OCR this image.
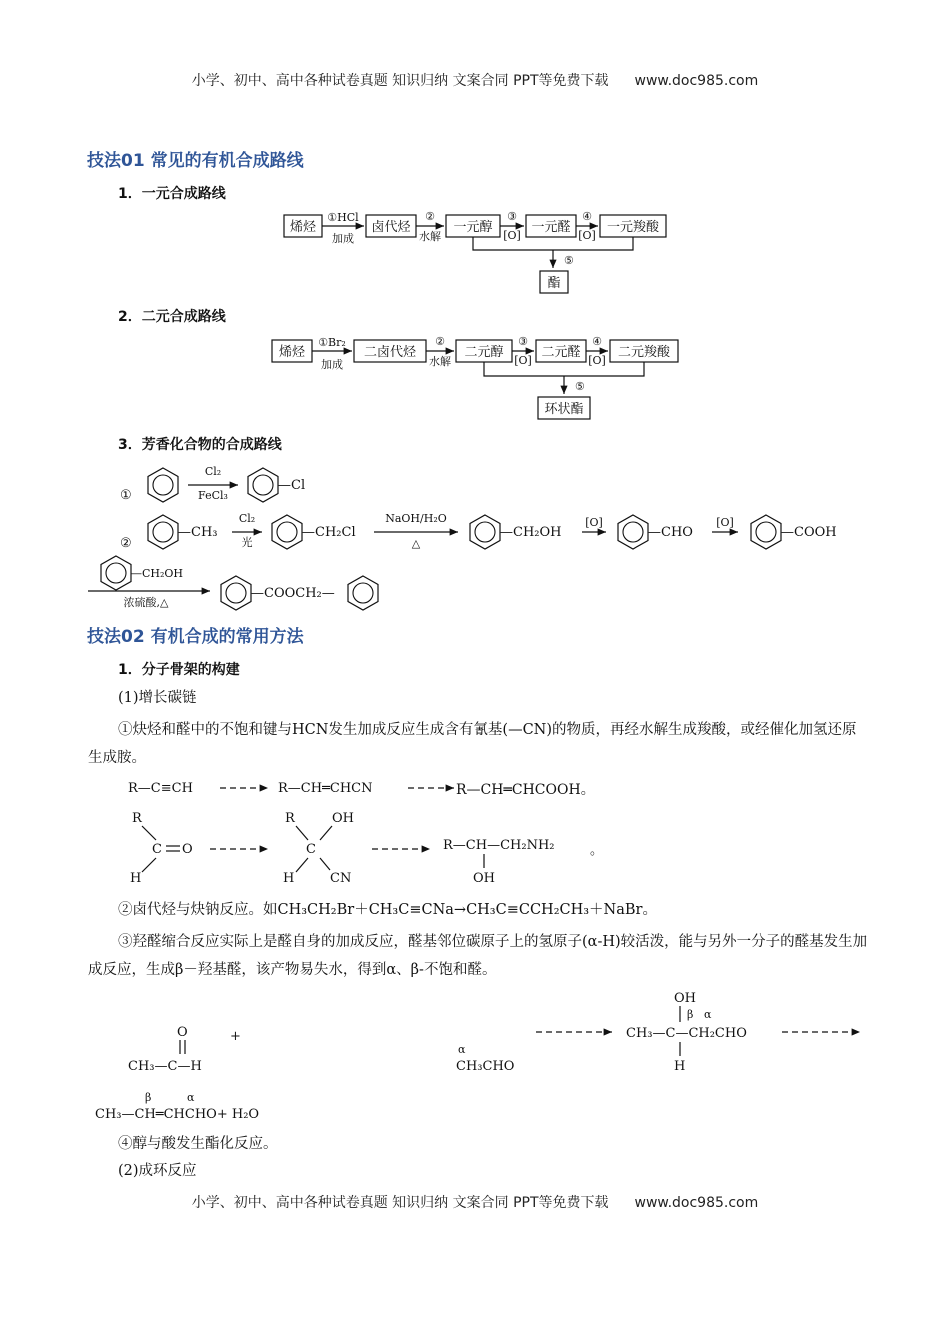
小学、初中、高中各种试卷真题 知识归纳 文案合同 PPT等免费下载 www.doc985.com
技法01 常见的有机合成路线
1．一元合成路线
烯烃
①HCl
加成
卤代烃
②
水解
一元醇
③
[O]
一元醛
④
[O]
一元羧酸
⑤
酯
2．二元合成路线
烯烃
①Br₂
加成
二卤代烃
②
水解
二元醇
③
[O]
二元醛
④
[O]
二元羧酸
⑤
环状酯
3．芳香化合物的合成路线
①
Cl₂
FeCl₃
—Cl
②
—CH₃
Cl₂
光
—CH₂Cl
NaOH/H₂O
△
—CH₂OH
[O]
—CHO
[O]
—COOH
—CH₂OH
浓硫酸,△
—COOCH₂—
技法02 有机合成的常用方法
1．分子骨架的构建
(1)增长碳链
①炔烃和醛中的不饱和键与HCN发生加成反应生成含有氰基(—CN)的物质，再经水解生成羧酸，或经催化加氢还原生成胺。
R—C≡CH	R—CH═CHCN	R—CH═CHCOOH。
R
C O
H
R
C
OH
H	CN
R—CH—CH₂NH₂
OH
。
②卤代烃与炔钠反应。如CH₃CH₂Br＋CH₃C≡CNa→CH₃C≡CCH₂CH₃＋NaBr。
③羟醛缩合反应实际上是醛自身的加成反应，醛基邻位碳原子上的氢原子(α-H)较活泼，能与另外一分子的醛基发生加成反应，生成β－羟基醛，该产物易失水，得到α、β-不饱和醛。
O	+
CH₃—C—H
α
CH₃CHO
OH
β α
CH₃—C—CH₂CHO
H
β	α
CH₃—CH═CHCHO+ H₂O
④醇与酸发生酯化反应。
(2)成环反应
小学、初中、高中各种试卷真题 知识归纳 文案合同 PPT等免费下载 www.doc985.com
